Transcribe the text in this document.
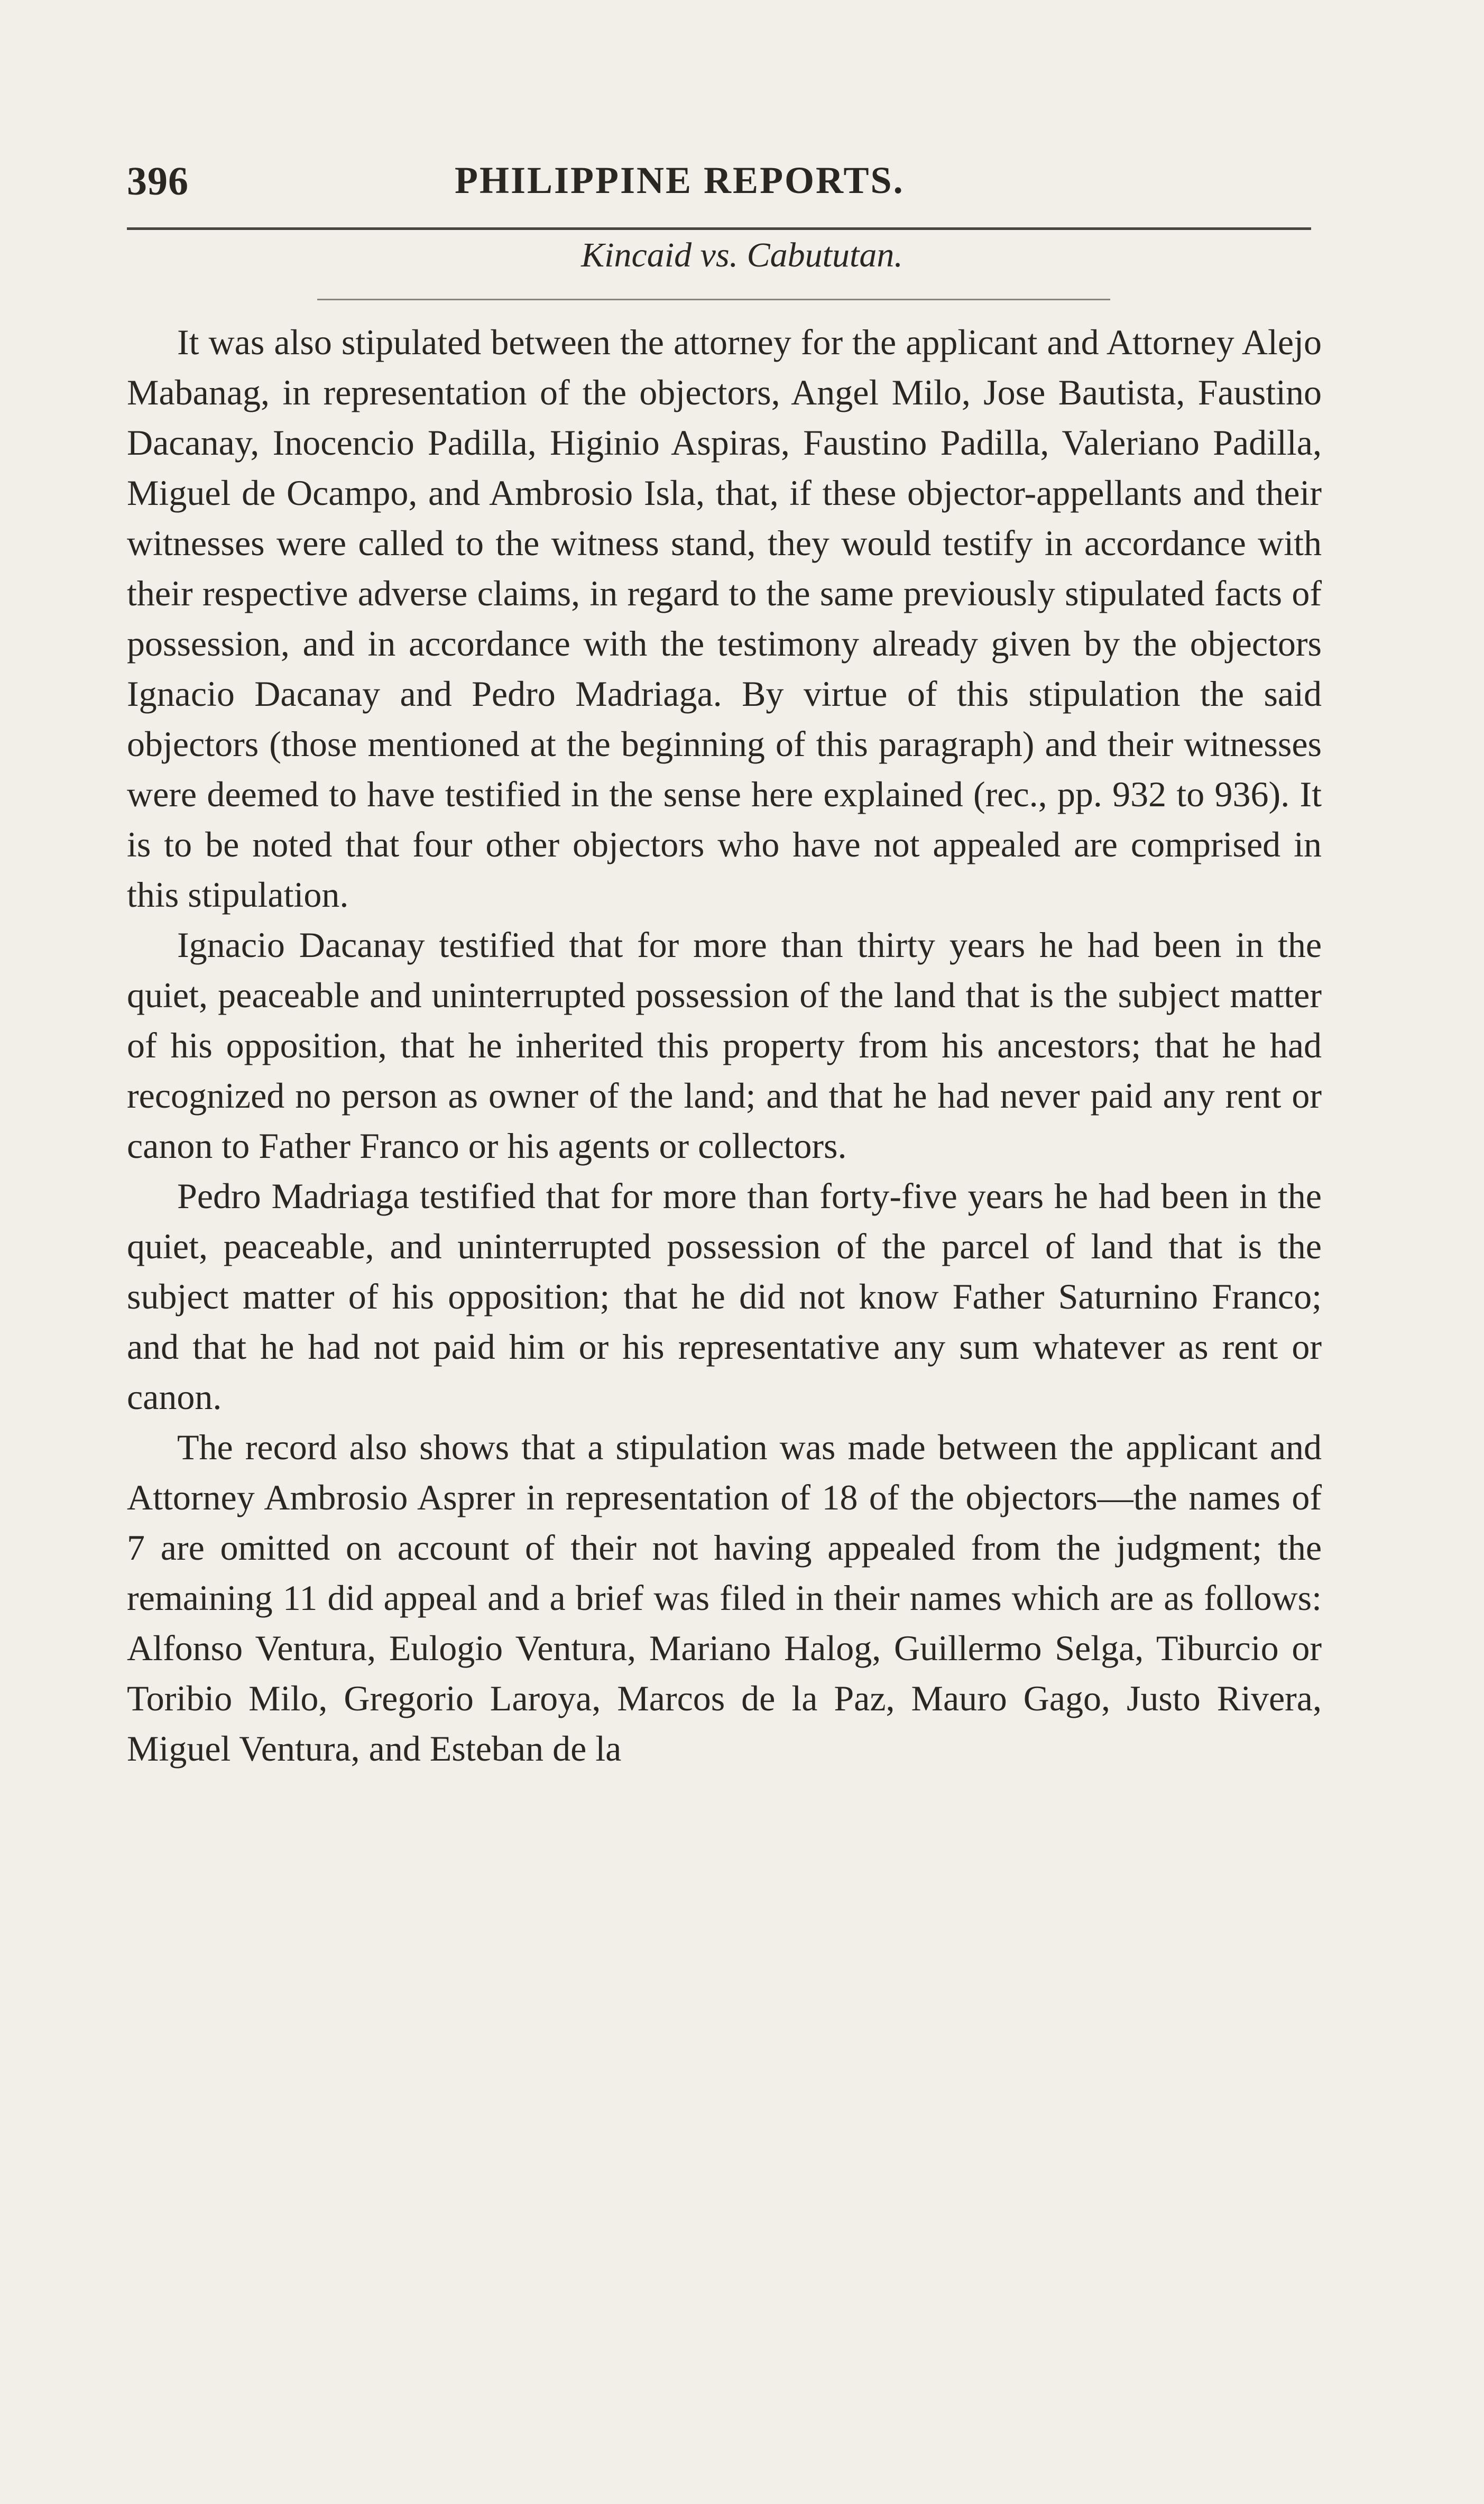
396	PHILIPPINE REPORTS.
Kincaid vs. Cabututan.

It was also stipulated between the attorney for the applicant and Attorney Alejo Mabanag, in representation of the objectors, Angel Milo, Jose Bautista, Faustino Dacanay, Inocencio Padilla, Higinio Aspiras, Faustino Padilla, Valeriano Padilla, Miguel de Ocampo, and Ambrosio Isla, that, if these objector-appellants and their witnesses were called to the witness stand, they would testify in accordance with their respective adverse claims, in regard to the same previously stipulated facts of possession, and in accordance with the testimony already given by the objectors Ignacio Dacanay and Pedro Madriaga. By virtue of this stipulation the said objectors (those mentioned at the beginning of this paragraph) and their witnesses were deemed to have testified in the sense here explained (rec., pp. 932 to 936). It is to be noted that four other objectors who have not appealed are comprised in this stipulation.

Ignacio Dacanay testified that for more than thirty years he had been in the quiet, peaceable and uninterrupted possession of the land that is the subject matter of his opposition, that he inherited this property from his ancestors; that he had recognized no person as owner of the land; and that he had never paid any rent or canon to Father Franco or his agents or collectors.

Pedro Madriaga testified that for more than forty-five years he had been in the quiet, peaceable, and uninterrupted possession of the parcel of land that is the subject matter of his opposition; that he did not know Father Saturnino Franco; and that he had not paid him or his representative any sum whatever as rent or canon.

The record also shows that a stipulation was made between the applicant and Attorney Ambrosio Asprer in representation of 18 of the objectors—the names of 7 are omitted on account of their not having appealed from the judgment; the remaining 11 did appeal and a brief was filed in their names which are as follows: Alfonso Ventura, Eulogio Ventura, Mariano Halog, Guillermo Selga, Tiburcio or Toribio Milo, Gregorio Laroya, Marcos de la Paz, Mauro Gago, Justo Rivera, Miguel Ventura, and Esteban de la
